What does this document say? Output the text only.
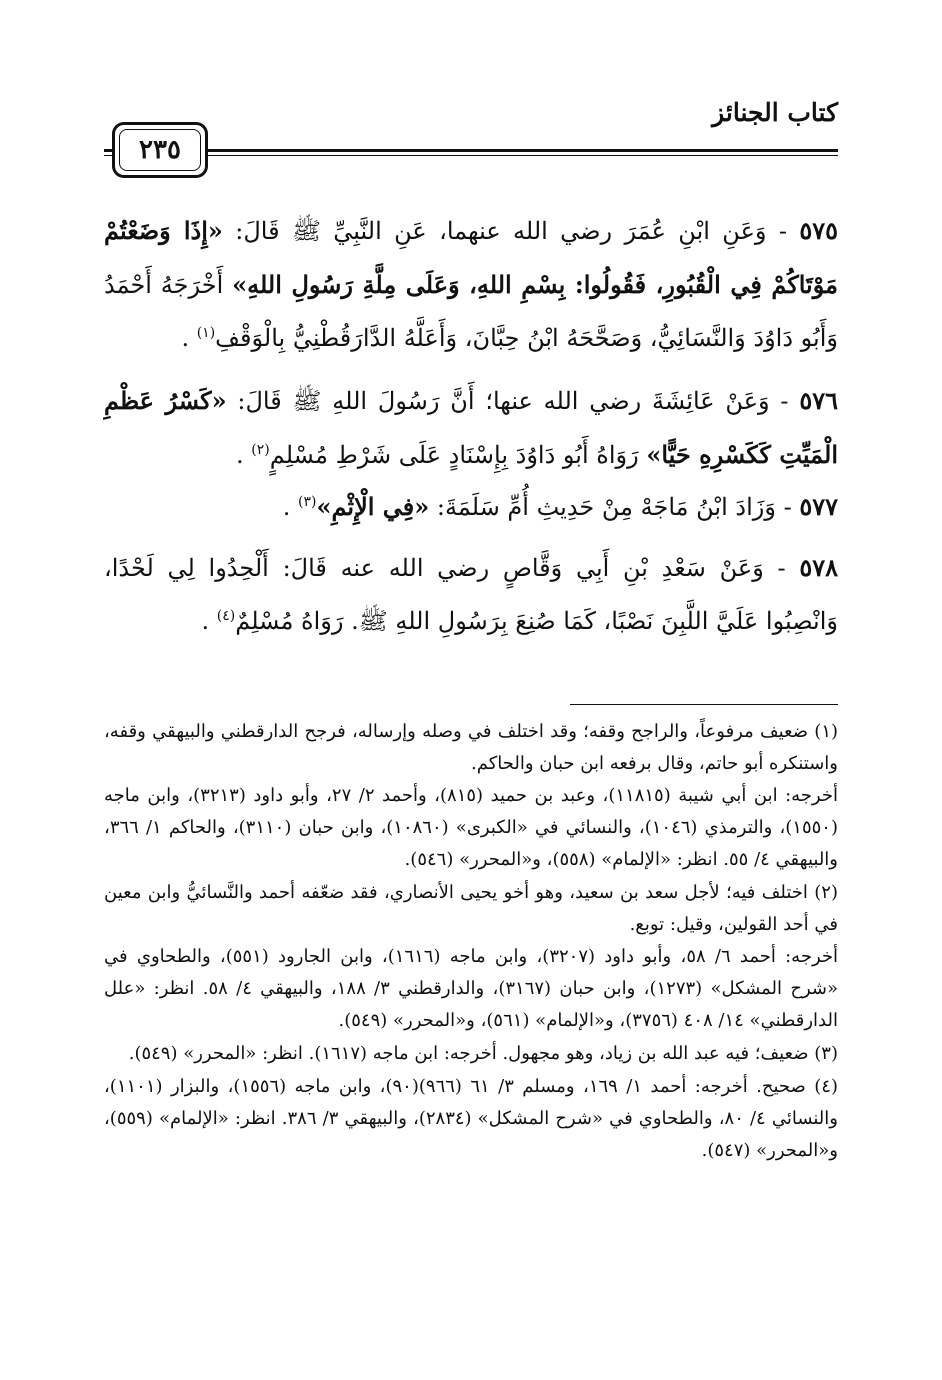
كتاب الجنائز
٢٣٥
٥٧٥ - وَعَنِ ابْنِ عُمَرَ رضي الله عنهما، عَنِ النَّبِيِّ ﷺ قَالَ: «إِذَا وَضَعْتُمْ مَوْتَاكُمْ فِي الْقُبُورِ، فَقُولُوا: بِسْمِ اللهِ، وَعَلَى مِلَّةِ رَسُولِ اللهِ» أَخْرَجَهُ أَحْمَدُ وَأَبُو دَاوُدَ وَالنَّسَائِيُّ، وَصَحَّحَهُ ابْنُ حِبَّانَ، وَأَعَلَّهُ الدَّارَقُطْنِيُّ بِالْوَقْفِ$^{(١)}$ .
٥٧٦ - وَعَنْ عَائِشَةَ رضي الله عنها؛ أَنَّ رَسُولَ اللهِ ﷺ قَالَ: «كَسْرُ عَظْمِ الْمَيِّتِ كَكَسْرِهِ حَيًّا» رَوَاهُ أَبُو دَاوُدَ بِإِسْنَادٍ عَلَى شَرْطِ مُسْلِمٍ$^{(٢)}$ .
٥٧٧ - وَزَادَ ابْنُ مَاجَهْ مِنْ حَدِيثِ أُمِّ سَلَمَةَ: «فِي الْإِثْمِ»$^{(٣)}$ .
٥٧٨ - وَعَنْ سَعْدِ بْنِ أَبِي وَقَّاصٍ رضي الله عنه قَالَ: أَلْحِدُوا لِي لَحْدًا، وَانْصِبُوا عَلَيَّ اللَّبِنَ نَصْبًا، كَمَا صُنِعَ بِرَسُولِ اللهِ ﷺ. رَوَاهُ مُسْلِمٌ$^{(٤)}$ .

(١) ضعيف مرفوعاً، والراجح وقفه؛ وقد اختلف في وصله وإرساله، فرجح الدارقطني والبيهقي وقفه، واستنكره أبو حاتم، وقال برفعه ابن حبان والحاكم.

أخرجه: ابن أبي شيبة (١١٨١٥)، وعبد بن حميد (٨١٥)، وأحمد ٢/ ٢٧، وأبو داود (٣٢١٣)، وابن ماجه (١٥٥٠)، والترمذي (١٠٤٦)، والنسائي في «الكبرى» (١٠٨٦٠)، وابن حبان (٣١١٠)، والحاكم ١/ ٣٦٦، والبيهقي ٤/ ٥٥. انظر: «الإلمام» (٥٥٨)، و«المحرر» (٥٤٦).

(٢) اختلف فيه؛ لأجل سعد بن سعيد، وهو أخو يحيى الأنصاري، فقد ضعّفه أحمد والنَّسائيُّ وابن معين في أحد القولين، وقيل: توبع.

أخرجه: أحمد ٦/ ٥٨، وأبو داود (٣٢٠٧)، وابن ماجه (١٦١٦)، وابن الجارود (٥٥١)، والطحاوي في «شرح المشكل» (١٢٧٣)، وابن حبان (٣١٦٧)، والدارقطني ٣/ ١٨٨، والبيهقي ٤/ ٥٨. انظر: «علل الدارقطني» ١٤/ ٤٠٨ (٣٧٥٦)، و«الإلمام» (٥٦١)، و«المحرر» (٥٤٩).

(٣) ضعيف؛ فيه عبد الله بن زياد، وهو مجهول. أخرجه: ابن ماجه (١٦١٧). انظر: «المحرر» (٥٤٩).

(٤) صحيح. أخرجه: أحمد ١/ ١٦٩، ومسلم ٣/ ٦١ (٩٦٦)(٩٠)، وابن ماجه (١٥٥٦)، والبزار (١١٠١)، والنسائي ٤/ ٨٠، والطحاوي في «شرح المشكل» (٢٨٣٤)، والبيهقي ٣/ ٣٨٦. انظر: «الإلمام» (٥٥٩)، و«المحرر» (٥٤٧).
